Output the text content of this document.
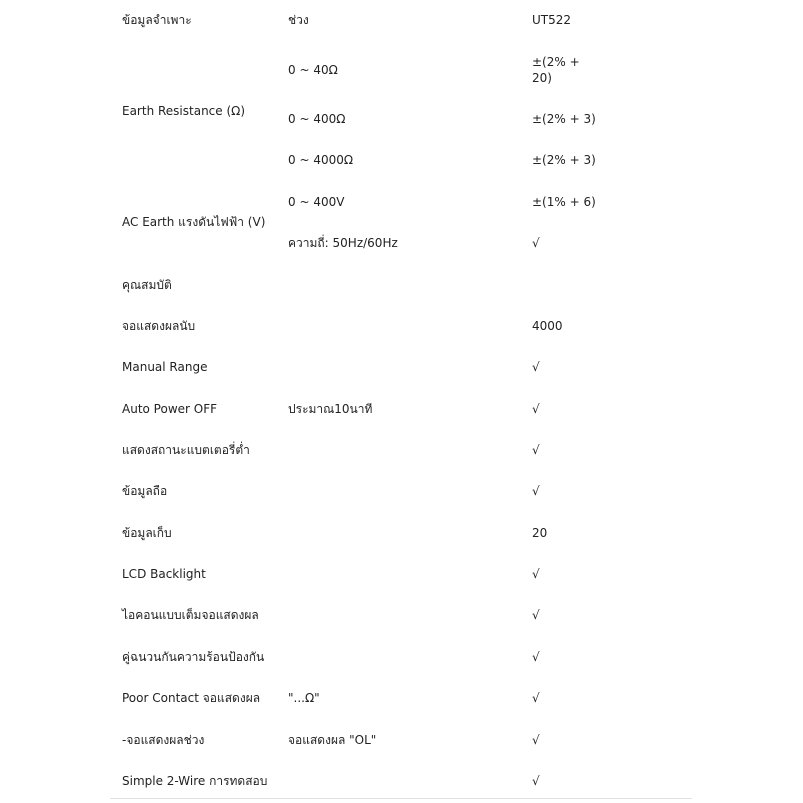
ข้อมูลจำเพาะ	ช่วง	UT522
Earth Resistance (Ω)
0 ~ 40Ω
±(2% +
20)
0 ~ 400Ω	±(2% + 3)
0 ~ 4000Ω	±(2% + 3)
AC Earth แรงดันไฟฟ้า (V)
0 ~ 400V	±(1% + 6)
ความถี่: 50Hz/60Hz	√
คุณสมบัติ
จอแสดงผลนับ	4000
Manual Range	√
Auto Power OFF	ประมาณ10นาที	√
แสดงสถานะแบตเตอรี่ต่ำ	√
ข้อมูลถือ	√
ข้อมูลเก็บ	20
LCD Backlight	√
ไอคอนแบบเต็มจอแสดงผล	√
คู่ฉนวนกันความร้อนป้องกัน	√
Poor Contact จอแสดงผล "...Ω"	√
-จอแสดงผลช่วง	จอแสดงผล "OL"	√
Simple 2-Wire การทดสอบ	√
